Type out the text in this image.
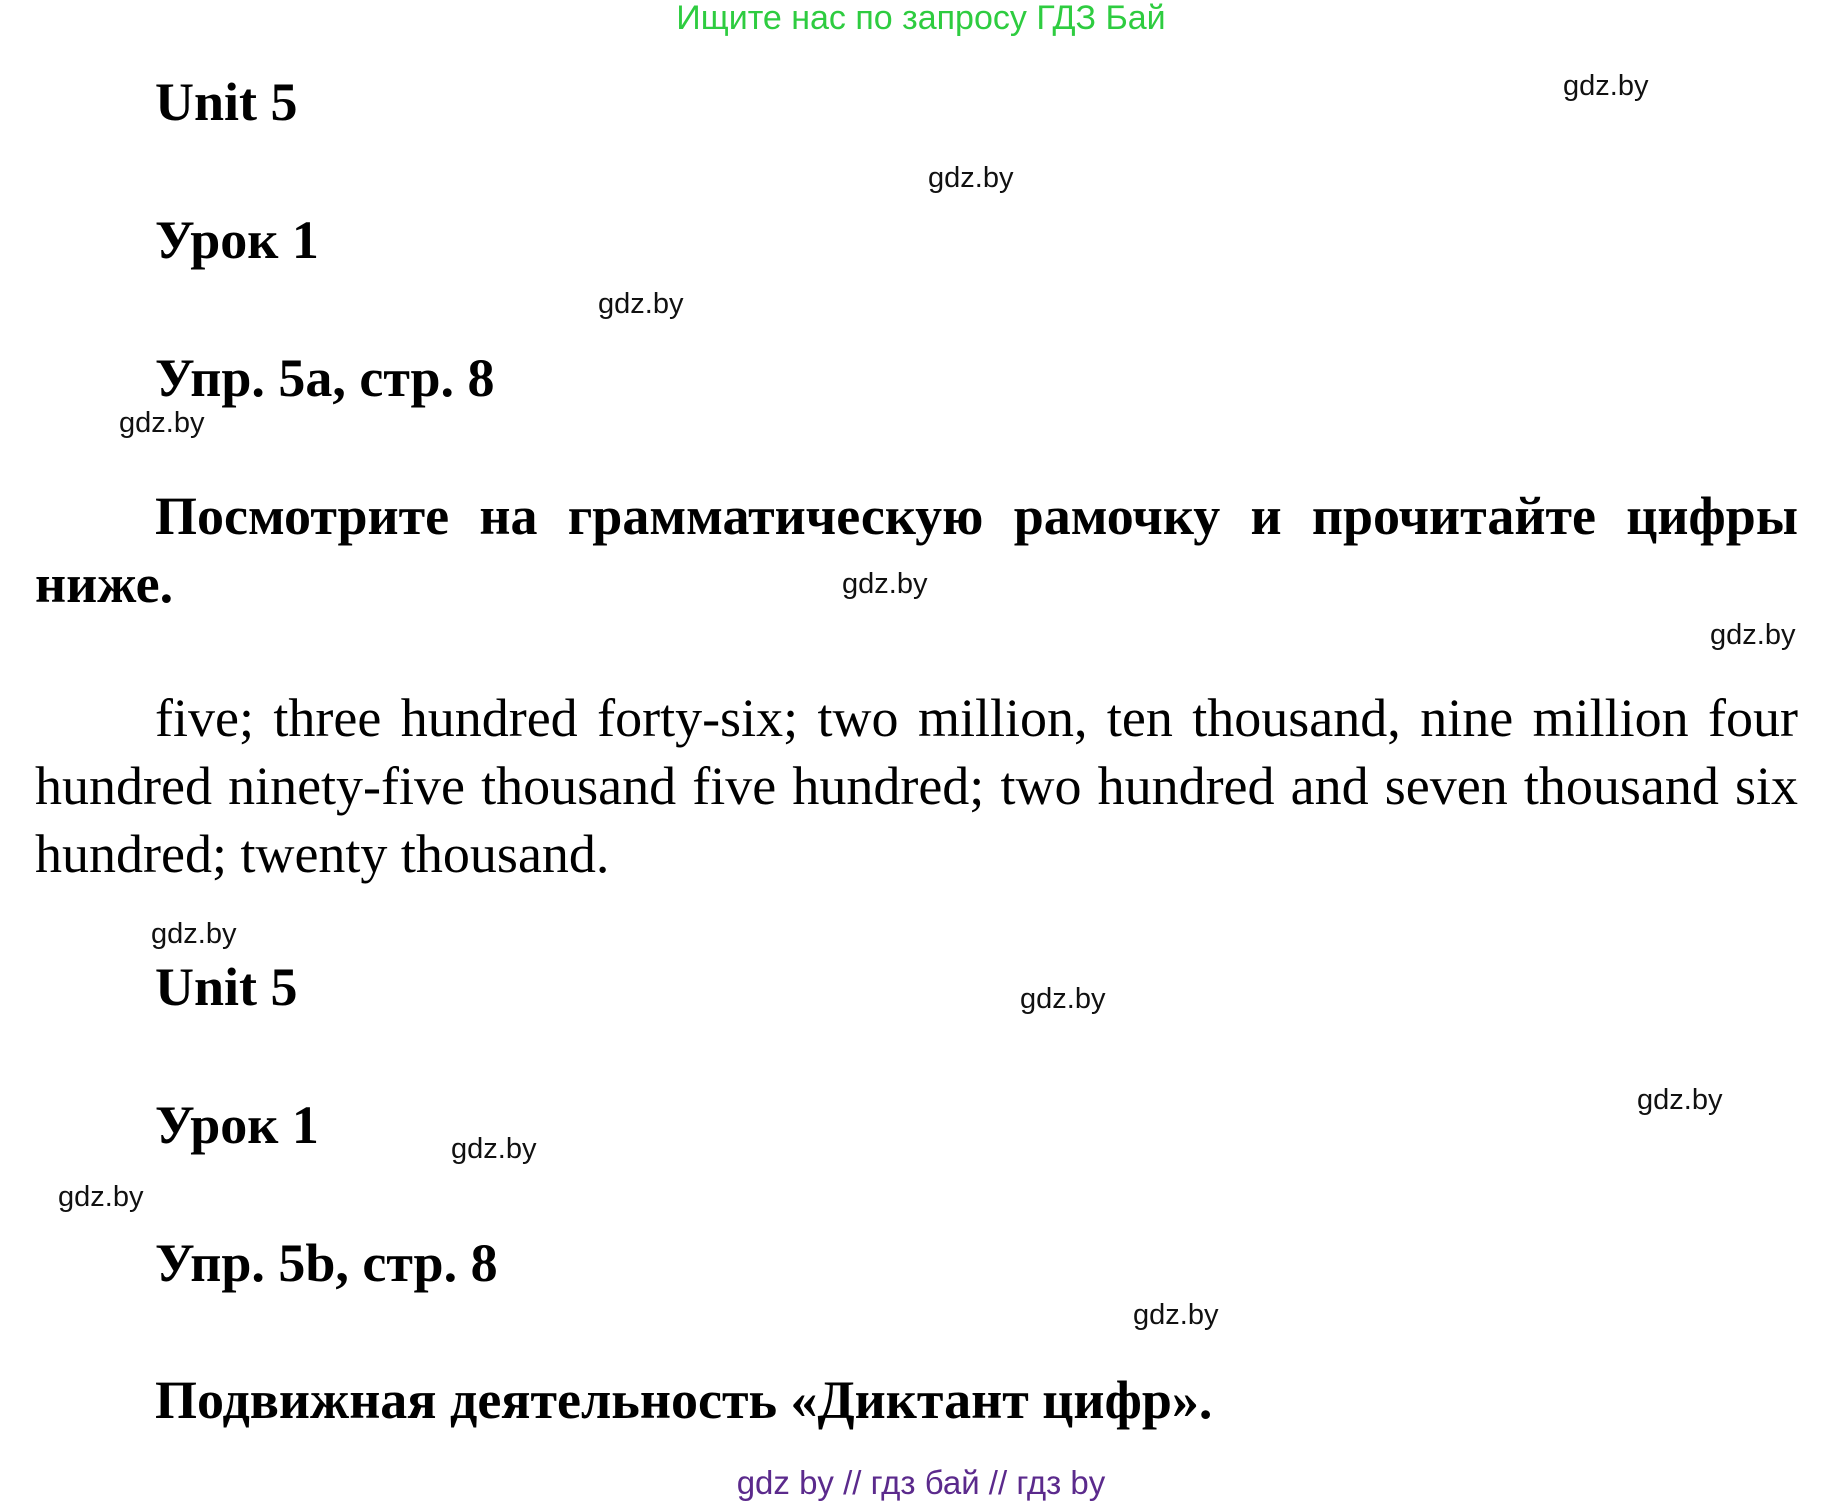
Ищите нас по запросу ГДЗ Бай
Unit 5
Урок 1
Упр. 5a, стр. 8
Посмотрите на грамматическую рамочку и прочитайте цифры ниже.
five; three hundred forty-six; two million, ten thousand, nine million four hundred ninety-five thousand five hundred; two hundred and seven thousand six hundred; twenty thousand.
Unit 5
Урок 1
Упр. 5b, стр. 8
Подвижная деятельность «Диктант цифр».
gdz.by
gdz.by
gdz.by
gdz.by
gdz.by
gdz.by
gdz.by
gdz.by
gdz.by
gdz.by
gdz.by
gdz.by
gdz by // гдз бай // гдз by
